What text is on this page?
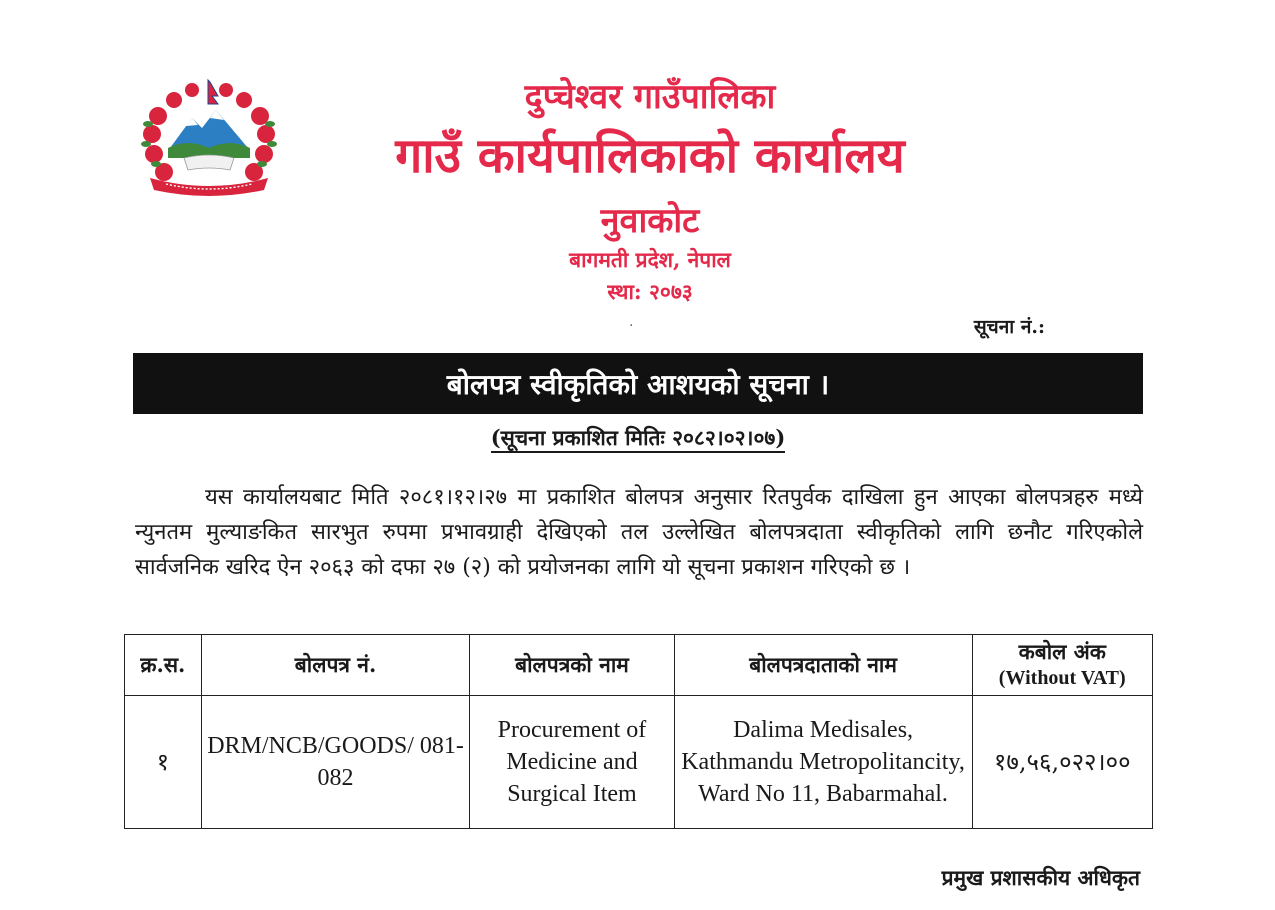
दुप्चेश्वर गाउँपालिका
गाउँ कार्यपालिकाको कार्यालय
नुवाकोट
बागमती प्रदेश, नेपाल
स्था: २०७३
·	सूचना नं.:
बोलपत्र स्वीकृतिको आशयको सूचना ।
(सूचना प्रकाशित मितिः २०८२।०२।०७)
यस कार्यालयबाट मिति २०८१।१२।२७ मा प्रकाशित बोलपत्र अनुसार रितपुर्वक दाखिला हुन आएका बोलपत्रहरु मध्ये न्युनतम मुल्याङकित सारभुत रुपमा प्रभावग्राही देखिएको तल उल्लेखित बोलपत्रदाता स्वीकृतिको लागि छनौट गरिएकोले सार्वजनिक खरिद ऐन २०६३ को दफा २७ (२) को प्रयोजनका लागि यो सूचना प्रकाशन गरिएको छ ।
क्र.स.	बोलपत्र नं.	बोलपत्रको नाम	बोलपत्रदाताको नाम	कबोल अंक
(Without VAT)

१	DRM/NCB/GOODS/ 081-082	Procurement of Medicine and Surgical Item	Dalima Medisales, Kathmandu Metropolitancity, Ward No 11, Babarmahal.	१७,५६,०२२।००
प्रमुख प्रशासकीय अधिकृत
